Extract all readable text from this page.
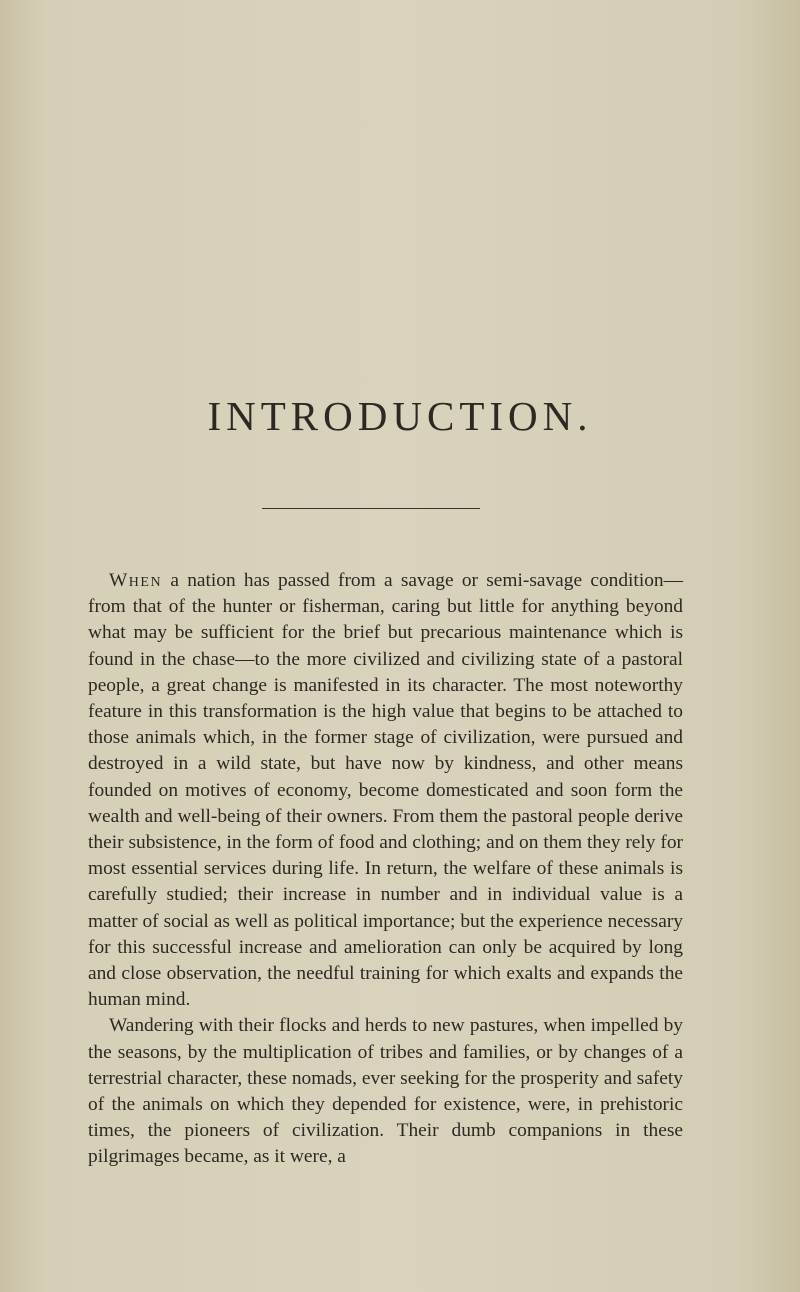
INTRODUCTION.

When a nation has passed from a savage or semi-savage condition—from that of the hunter or fisherman, caring but little for anything beyond what may be sufficient for the brief but precarious maintenance which is found in the chase—to the more civilized and civilizing state of a pastoral people, a great change is manifested in its character. The most noteworthy feature in this transformation is the high value that begins to be attached to those animals which, in the former stage of civilization, were pursued and destroyed in a wild state, but have now by kindness, and other means founded on motives of economy, become domesticated and soon form the wealth and well-being of their owners. From them the pastoral people derive their subsistence, in the form of food and clothing; and on them they rely for most essential services during life. In return, the welfare of these animals is carefully studied; their increase in number and in individual value is a matter of social as well as political importance; but the experience necessary for this successful increase and amelioration can only be acquired by long and close observation, the needful training for which exalts and expands the human mind.

Wandering with their flocks and herds to new pastures, when impelled by the seasons, by the multiplication of tribes and families, or by changes of a terrestrial character, these nomads, ever seeking for the prosperity and safety of the animals on which they depended for existence, were, in prehistoric times, the pioneers of civilization. Their dumb companions in these pilgrimages became, as it were, a
